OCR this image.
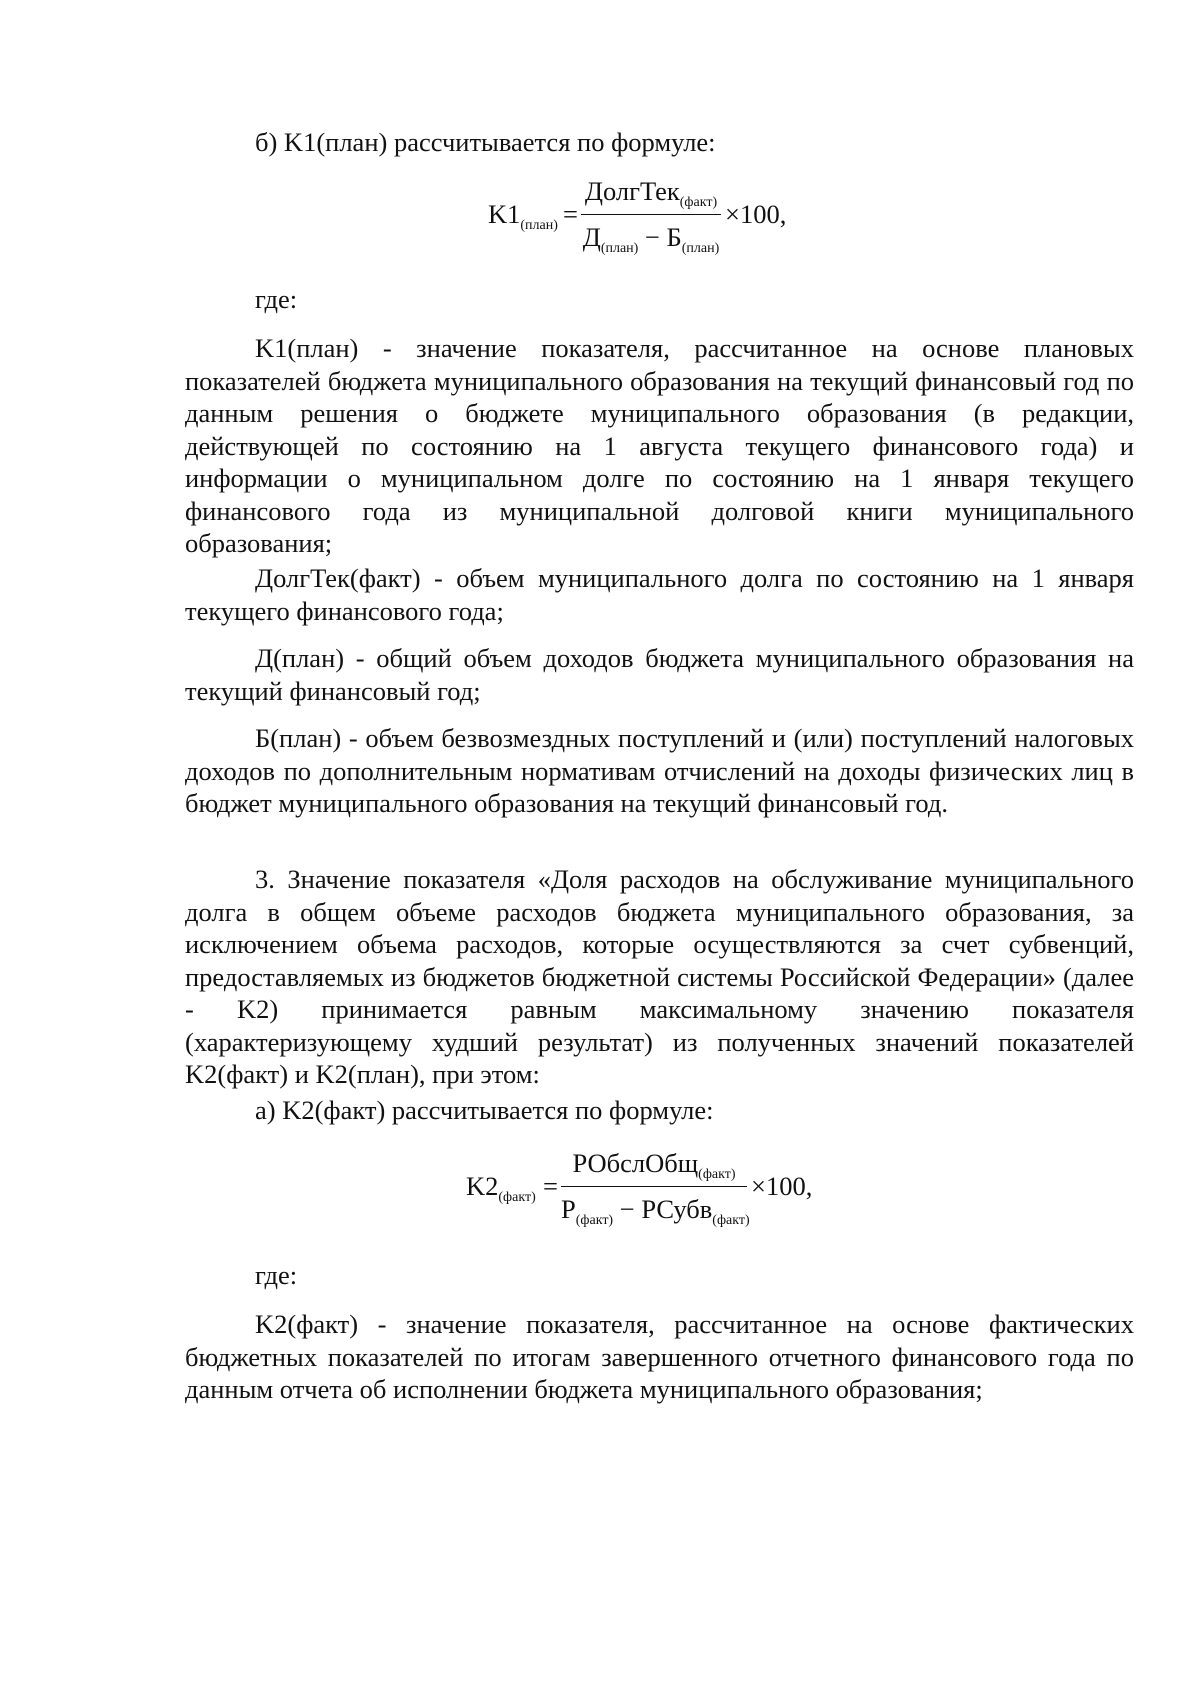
б) K1(план) рассчитывается по формуле:

$K1_{(план)}$ =
ДолгТек$_{(факт)}$
$Д_{(план)} - Б_{(план)}$
×100,

где:

K1(план) - значение показателя, рассчитанное на основе плановых показателей бюджета муниципального образования на текущий финансовый год по данным решения о бюджете муниципального образования (в редакции, действующей по состоянию на 1 августа текущего финансового года) и информации о муниципальном долге по состоянию на 1 января текущего финансового года из муниципальной долговой книги муниципального образования;

ДолгТек(факт) - объем муниципального долга по состоянию на 1 января текущего финансового года;

Д(план) - общий объем доходов бюджета муниципального образования на текущий финансовый год;

Б(план) - объем безвозмездных поступлений и (или) поступлений налоговых доходов по дополнительным нормативам отчислений на доходы физических лиц в бюджет муниципального образования на текущий финансовый год.

3. Значение показателя «Доля расходов на обслуживание муниципального долга в общем объеме расходов бюджета муниципального образования, за исключением объема расходов, которые осуществляются за счет субвенций, предоставляемых из бюджетов бюджетной системы Российской Федерации» (далее - K2) принимается равным максимальному значению показателя (характеризующему худший результат) из полученных значений показателей K2(факт) и K2(план), при этом:

а) K2(факт) рассчитывается по формуле:

$K2_{(факт)}$ =
РОбслОбщ$_{(факт)}$
$Р_{(факт)}$ − РСубв$_{(факт)}$
×100,

где:

K2(факт) - значение показателя, рассчитанное на основе фактических бюджетных показателей по итогам завершенного отчетного финансового года по данным отчета об исполнении бюджета муниципального образования;
